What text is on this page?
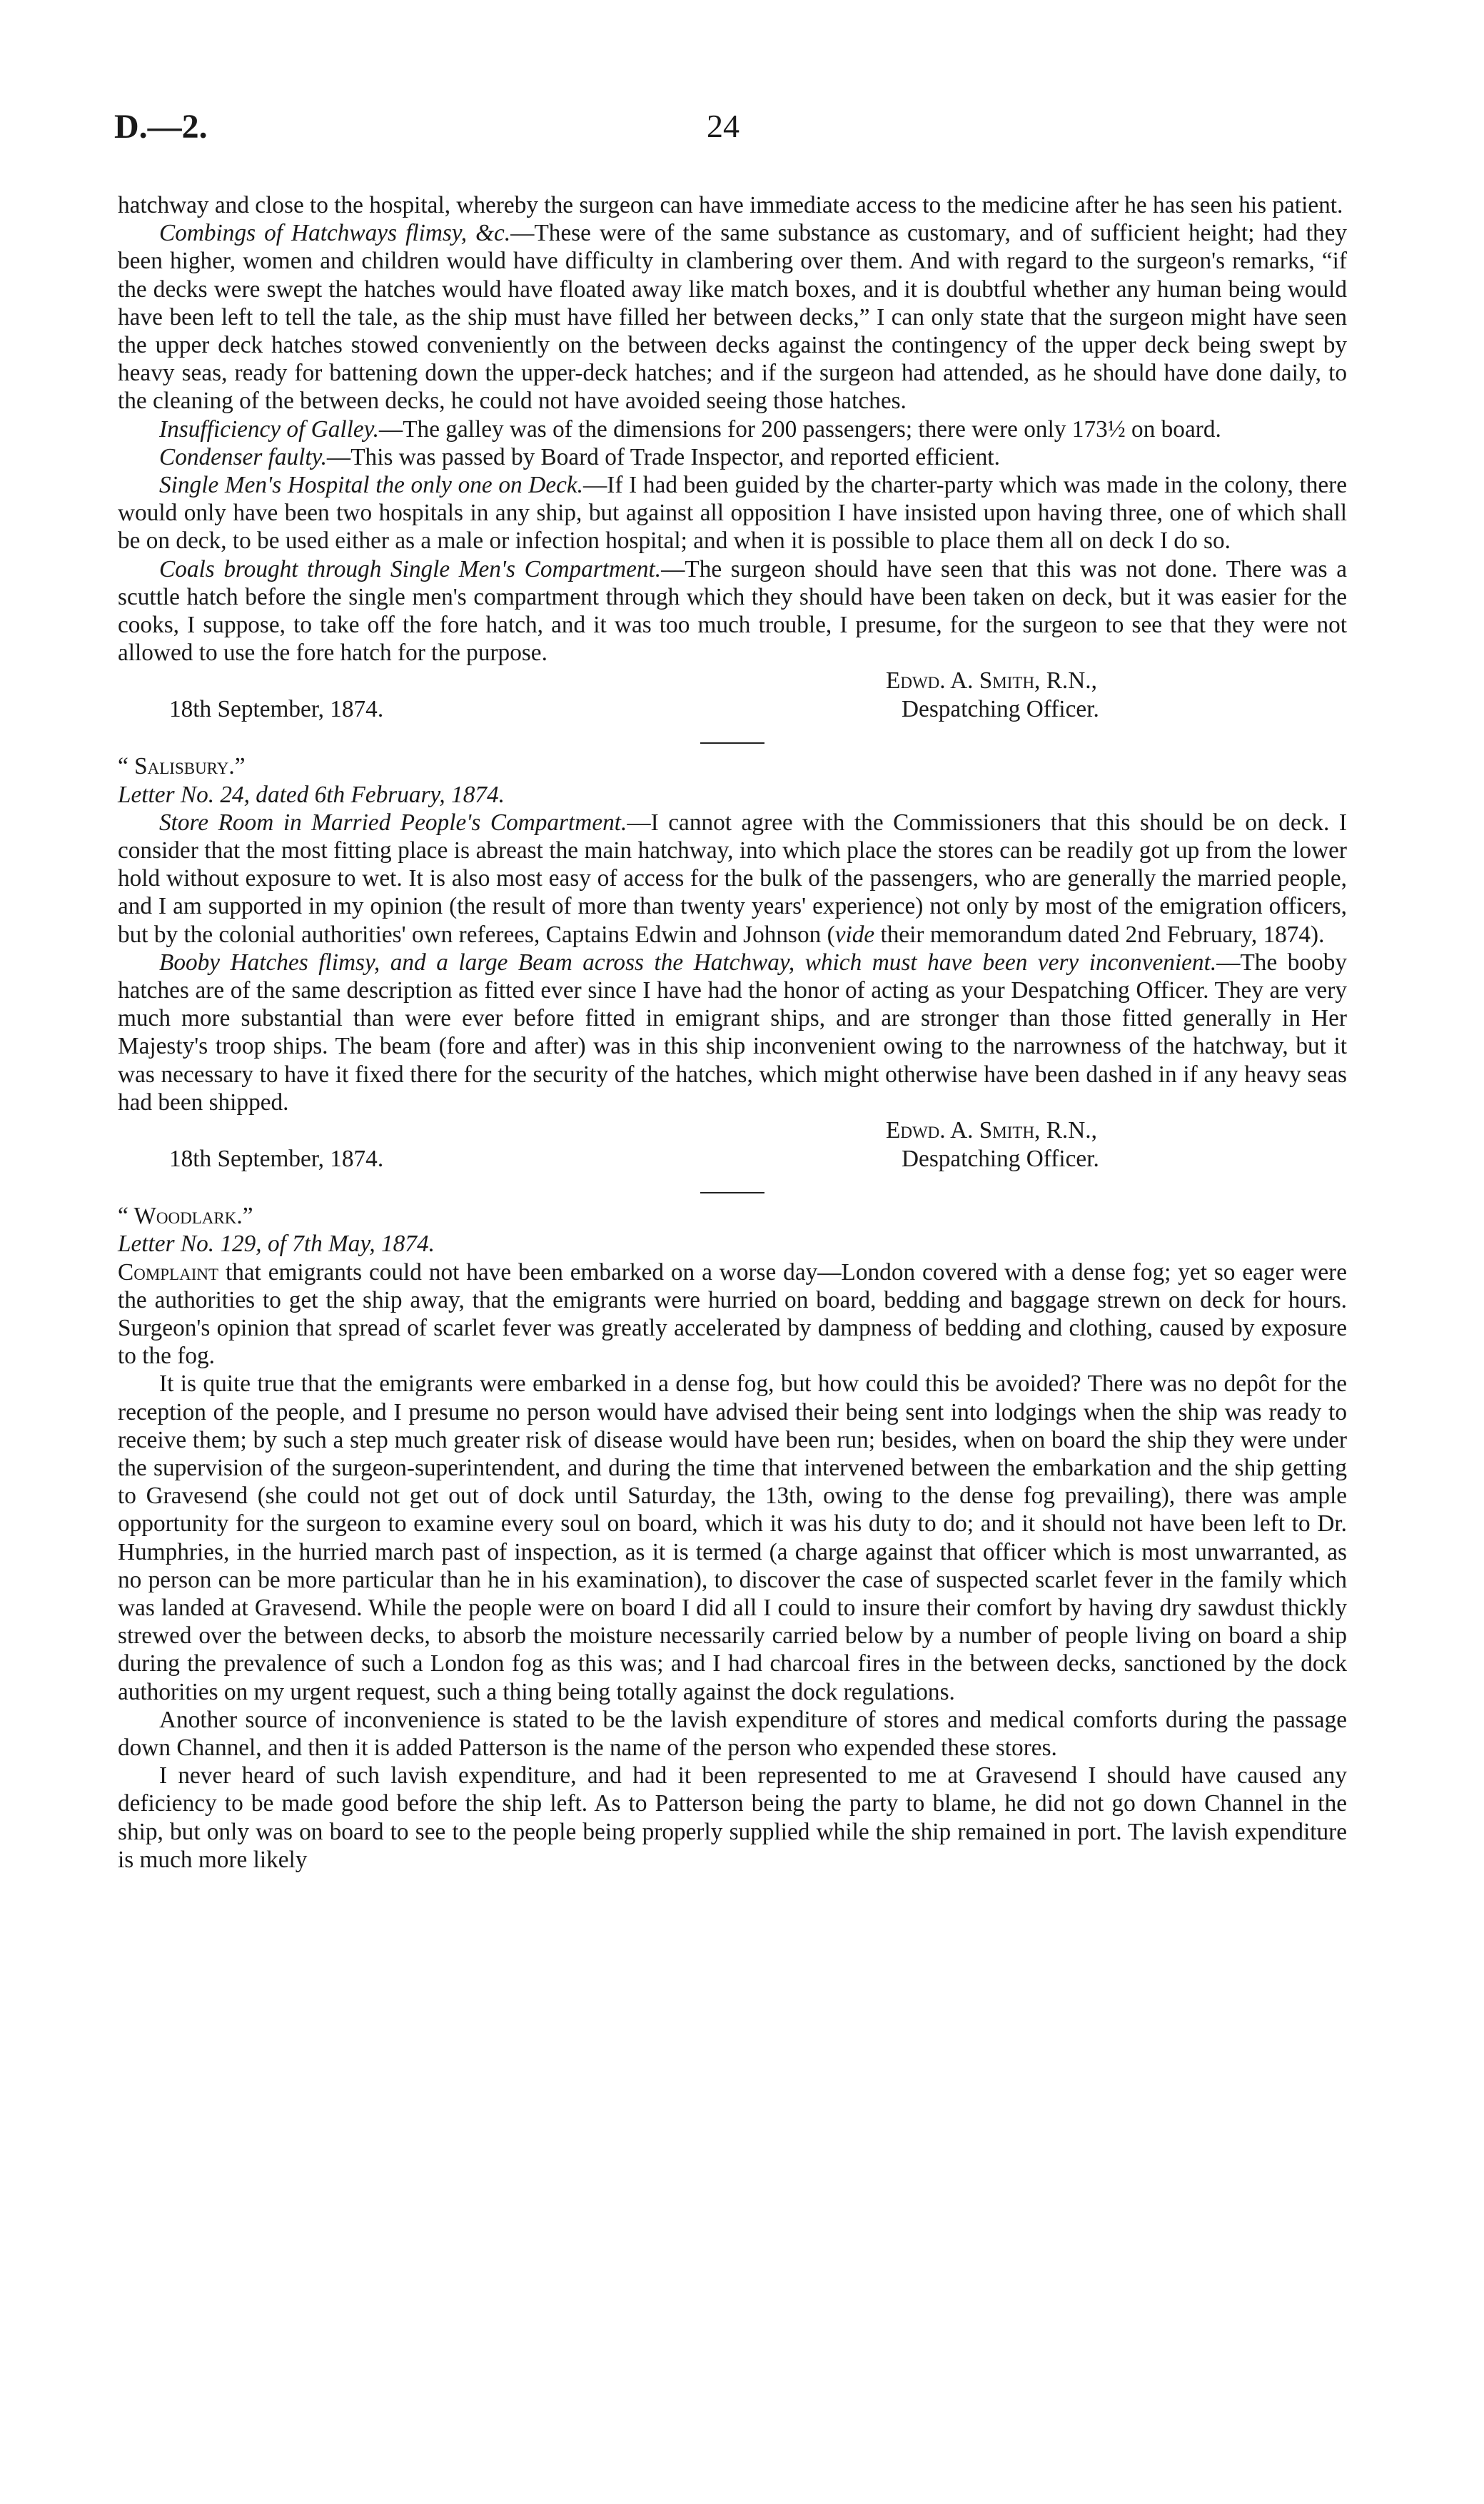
D.—2.	24

hatchway and close to the hospital, whereby the surgeon can have immediate access to the medicine after he has seen his patient.

Combings of Hatchways flimsy, &c.—These were of the same substance as customary, and of sufficient height; had they been higher, women and children would have difficulty in clambering over them. And with regard to the surgeon's remarks, “if the decks were swept the hatches would have floated away like match boxes, and it is doubtful whether any human being would have been left to tell the tale, as the ship must have filled her between decks,” I can only state that the surgeon might have seen the upper deck hatches stowed conveniently on the between decks against the contingency of the upper deck being swept by heavy seas, ready for battening down the upper-deck hatches; and if the surgeon had attended, as he should have done daily, to the cleaning of the between decks, he could not have avoided seeing those hatches.

Insufficiency of Galley.—The galley was of the dimensions for 200 passengers; there were only 173½ on board.

Condenser faulty.—This was passed by Board of Trade Inspector, and reported efficient.

Single Men's Hospital the only one on Deck.—If I had been guided by the charter-party which was made in the colony, there would only have been two hospitals in any ship, but against all opposition I have insisted upon having three, one of which shall be on deck, to be used either as a male or infection hospital; and when it is possible to place them all on deck I do so.

Coals brought through Single Men's Compartment.—The surgeon should have seen that this was not done. There was a scuttle hatch before the single men's compartment through which they should have been taken on deck, but it was easier for the cooks, I suppose, to take off the fore hatch, and it was too much trouble, I presume, for the surgeon to see that they were not allowed to use the fore hatch for the purpose.

18th September, 1874.
Edwd. A. Smith, R.N.,
Despatching Officer.

“ Salisbury.”

Letter No. 24, dated 6th February, 1874.

Store Room in Married People's Compartment.—I cannot agree with the Commissioners that this should be on deck. I consider that the most fitting place is abreast the main hatchway, into which place the stores can be readily got up from the lower hold without exposure to wet. It is also most easy of access for the bulk of the passengers, who are generally the married people, and I am supported in my opinion (the result of more than twenty years' experience) not only by most of the emigration officers, but by the colonial authorities' own referees, Captains Edwin and Johnson (vide their memorandum dated 2nd February, 1874).

Booby Hatches flimsy, and a large Beam across the Hatchway, which must have been very inconvenient.—The booby hatches are of the same description as fitted ever since I have had the honor of acting as your Despatching Officer. They are very much more substantial than were ever before fitted in emigrant ships, and are stronger than those fitted generally in Her Majesty's troop ships. The beam (fore and after) was in this ship inconvenient owing to the narrowness of the hatchway, but it was necessary to have it fixed there for the security of the hatches, which might otherwise have been dashed in if any heavy seas had been shipped.

18th September, 1874.
Edwd. A. Smith, R.N.,
Despatching Officer.

“ Woodlark.”

Letter No. 129, of 7th May, 1874.

Complaint that emigrants could not have been embarked on a worse day—London covered with a dense fog; yet so eager were the authorities to get the ship away, that the emigrants were hurried on board, bedding and baggage strewn on deck for hours. Surgeon's opinion that spread of scarlet fever was greatly accelerated by dampness of bedding and clothing, caused by exposure to the fog.

It is quite true that the emigrants were embarked in a dense fog, but how could this be avoided? There was no depôt for the reception of the people, and I presume no person would have advised their being sent into lodgings when the ship was ready to receive them; by such a step much greater risk of disease would have been run; besides, when on board the ship they were under the supervision of the surgeon-superintendent, and during the time that intervened between the embarkation and the ship getting to Gravesend (she could not get out of dock until Saturday, the 13th, owing to the dense fog prevailing), there was ample opportunity for the surgeon to examine every soul on board, which it was his duty to do; and it should not have been left to Dr. Humphries, in the hurried march past of inspection, as it is termed (a charge against that officer which is most unwarranted, as no person can be more particular than he in his examination), to discover the case of suspected scarlet fever in the family which was landed at Gravesend. While the people were on board I did all I could to insure their comfort by having dry sawdust thickly strewed over the between decks, to absorb the moisture necessarily carried below by a number of people living on board a ship during the prevalence of such a London fog as this was; and I had charcoal fires in the between decks, sanctioned by the dock authorities on my urgent request, such a thing being totally against the dock regulations.

Another source of inconvenience is stated to be the lavish expenditure of stores and medical comforts during the passage down Channel, and then it is added Patterson is the name of the person who expended these stores.

I never heard of such lavish expenditure, and had it been represented to me at Gravesend I should have caused any deficiency to be made good before the ship left. As to Patterson being the party to blame, he did not go down Channel in the ship, but only was on board to see to the people being properly supplied while the ship remained in port. The lavish expenditure is much more likely
